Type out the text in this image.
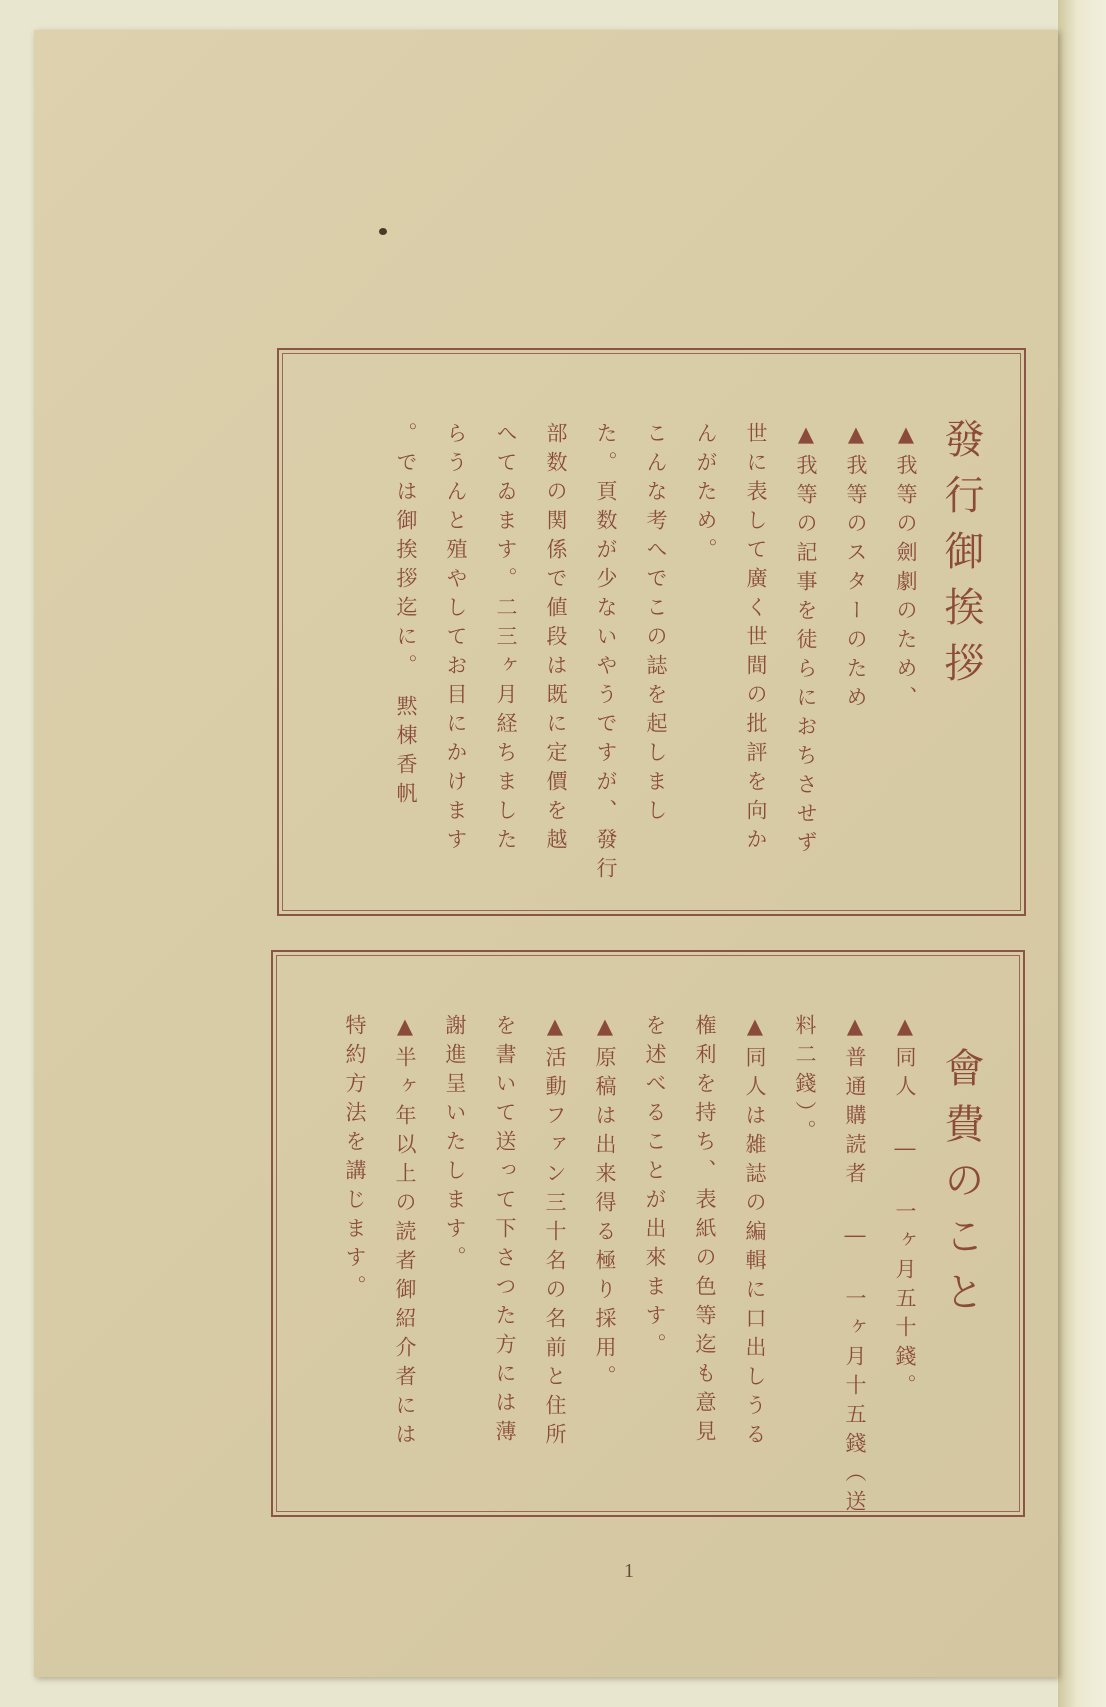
發行御挨拶
▲我等の劍劇のため、
▲我等のスターのため
▲我等の記事を徒らにおちさせず
世に表して廣く世間の批評を向か
んがため。
こんな考へでこの誌を起しまし
た。頁数が少ないやうですが、發行
部数の関係で値段は既に定價を越
へてゐます。二三ヶ月経ちました
らうんと殖やしてお目にかけます
。では御挨拶迄に。
黙棟香帆
會費のこと
▲同人 ― 一ヶ月五十錢。
▲普通購読者 ― 一ヶ月十五錢（送
料二錢）。
▲同人は雑誌の編輯に口出しうる
権利を持ち、表紙の色等迄も意見
を述べることが出來ます。
▲原稿は出来得る極り採用。
▲活動ファン三十名の名前と住所
を書いて送って下さつた方には薄
謝進呈いたします。
▲半ヶ年以上の読者御紹介者には
特約方法を講じます。
1
